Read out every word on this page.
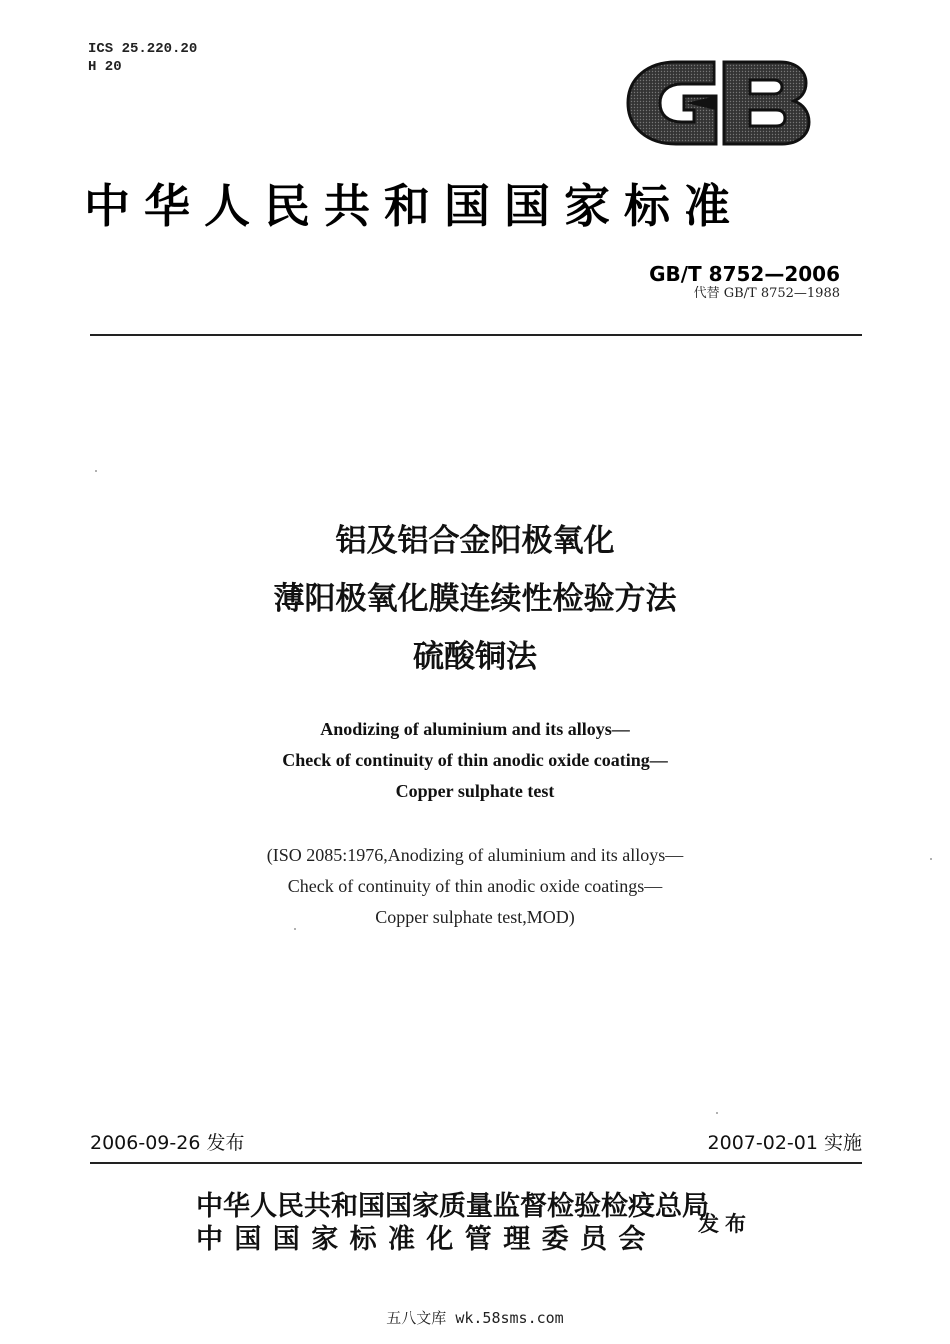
ICS 25.220.20
H 20
中华人民共和国国家标准
GB/T 8752—2006
代替 GB/T 8752—1988
铝及铝合金阳极氧化
薄阳极氧化膜连续性检验方法
硫酸铜法
Anodizing of aluminium and its alloys—
Check of continuity of thin anodic oxide coating—
Copper sulphate test
(ISO 2085:1976,Anodizing of aluminium and its alloys—
Check of continuity of thin anodic oxide coatings—
Copper sulphate test,MOD)
2006-09-26 发布	2007-02-01 实施
中华人民共和国国家质量监督检验检疫总局
中 国 国 家 标 准 化 管 理 委 员 会 发布
五八文库 wk.58sms.com
